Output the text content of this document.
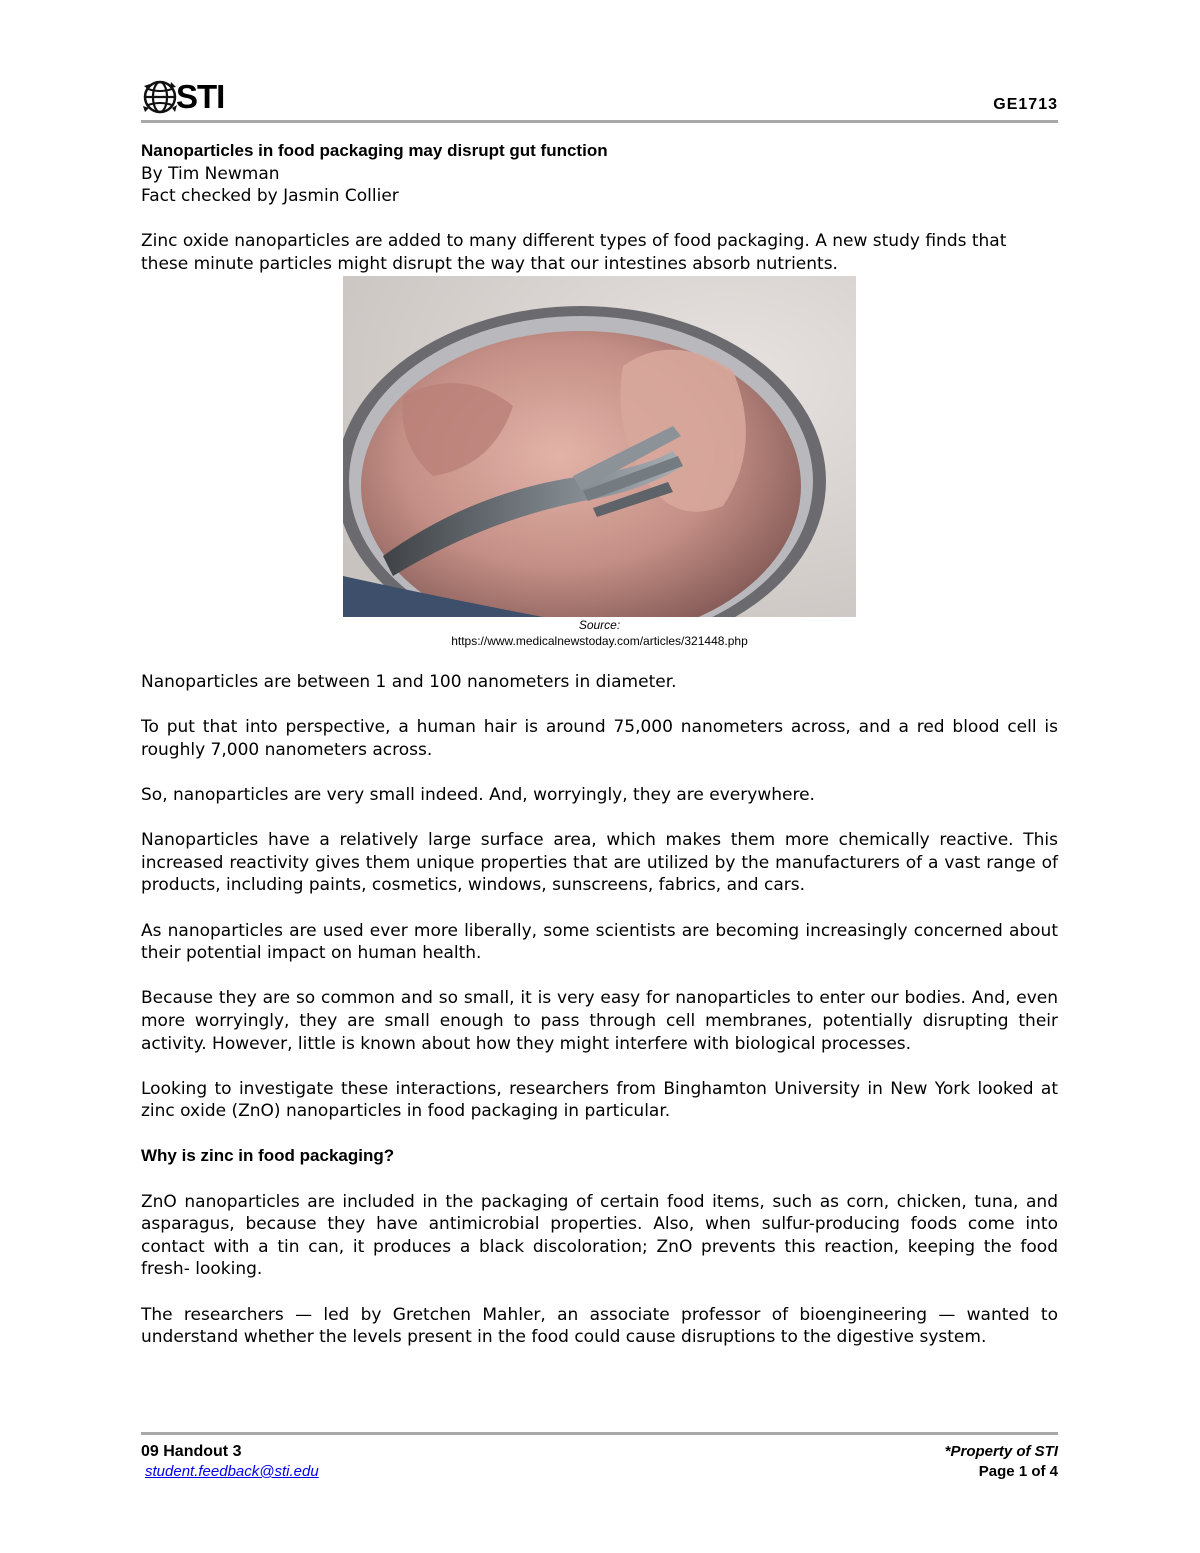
STI	GE1713

Nanoparticles in food packaging may disrupt gut function

By Tim Newman

Fact checked by Jasmin Collier

Zinc oxide nanoparticles are added to many different types of food packaging. A new study finds that these minute particles might disrupt the way that our intestines absorb nutrients.

Source:
https://www.medicalnewstoday.com/articles/321448.php

Nanoparticles are between 1 and 100 nanometers in diameter.

To put that into perspective, a human hair is around 75,000 nanometers across, and a red blood cell is roughly 7,000 nanometers across.

So, nanoparticles are very small indeed. And, worryingly, they are everywhere.

Nanoparticles have a relatively large surface area, which makes them more chemically reactive. This increased reactivity gives them unique properties that are utilized by the manufacturers of a vast range of products, including paints, cosmetics, windows, sunscreens, fabrics, and cars.

As nanoparticles are used ever more liberally, some scientists are becoming increasingly concerned about their potential impact on human health.

Because they are so common and so small, it is very easy for nanoparticles to enter our bodies. And, even more worryingly, they are small enough to pass through cell membranes, potentially disrupting their activity. However, little is known about how they might interfere with biological processes.

Looking to investigate these interactions, researchers from Binghamton University in New York looked at zinc oxide (ZnO) nanoparticles in food packaging in particular.

Why is zinc in food packaging?

ZnO nanoparticles are included in the packaging of certain food items, such as corn, chicken, tuna, and asparagus, because they have antimicrobial properties. Also, when sulfur-producing foods come into contact with a tin can, it produces a black discoloration; ZnO prevents this reaction, keeping the food fresh- looking.

The researchers — led by Gretchen Mahler, an associate professor of bioengineering — wanted to understand whether the levels present in the food could cause disruptions to the digestive system.

09 Handout 3
student.feedback@sti.edu
*Property of STI
Page 1 of 4
